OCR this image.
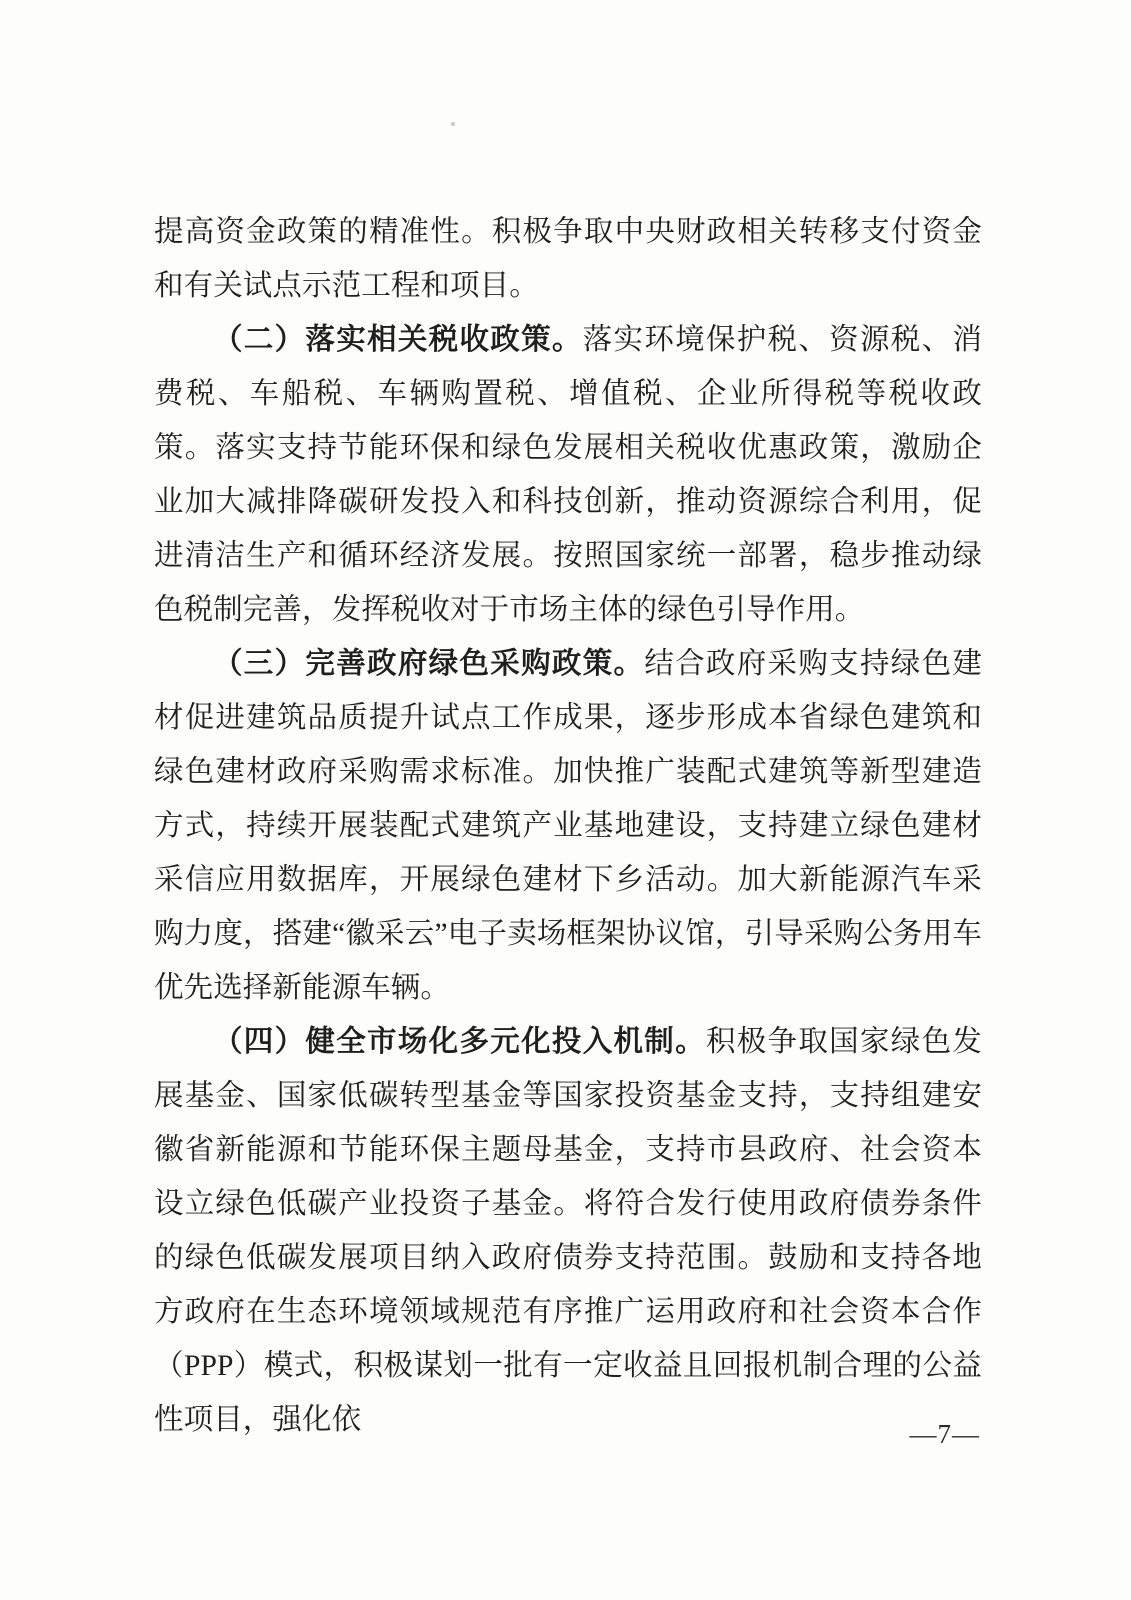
提高资金政策的精准性。积极争取中央财政相关转移支付资金和有关试点示范工程和项目。

（二）落实相关税收政策。落实环境保护税、资源税、消费税、车船税、车辆购置税、增值税、企业所得税等税收政策。落实支持节能环保和绿色发展相关税收优惠政策，激励企业加大减排降碳研发投入和科技创新，推动资源综合利用，促进清洁生产和循环经济发展。按照国家统一部署，稳步推动绿色税制完善，发挥税收对于市场主体的绿色引导作用。

（三）完善政府绿色采购政策。结合政府采购支持绿色建材促进建筑品质提升试点工作成果，逐步形成本省绿色建筑和绿色建材政府采购需求标准。加快推广装配式建筑等新型建造方式，持续开展装配式建筑产业基地建设，支持建立绿色建材采信应用数据库，开展绿色建材下乡活动。加大新能源汽车采购力度，搭建“徽采云”电子卖场框架协议馆，引导采购公务用车优先选择新能源车辆。

（四）健全市场化多元化投入机制。积极争取国家绿色发展基金、国家低碳转型基金等国家投资基金支持，支持组建安徽省新能源和节能环保主题母基金，支持市县政府、社会资本设立绿色低碳产业投资子基金。将符合发行使用政府债券条件的绿色低碳发展项目纳入政府债券支持范围。鼓励和支持各地方政府在生态环境领域规范有序推广运用政府和社会资本合作（PPP）模式，积极谋划一批有一定收益且回报机制合理的公益性项目，强化依	—7—
